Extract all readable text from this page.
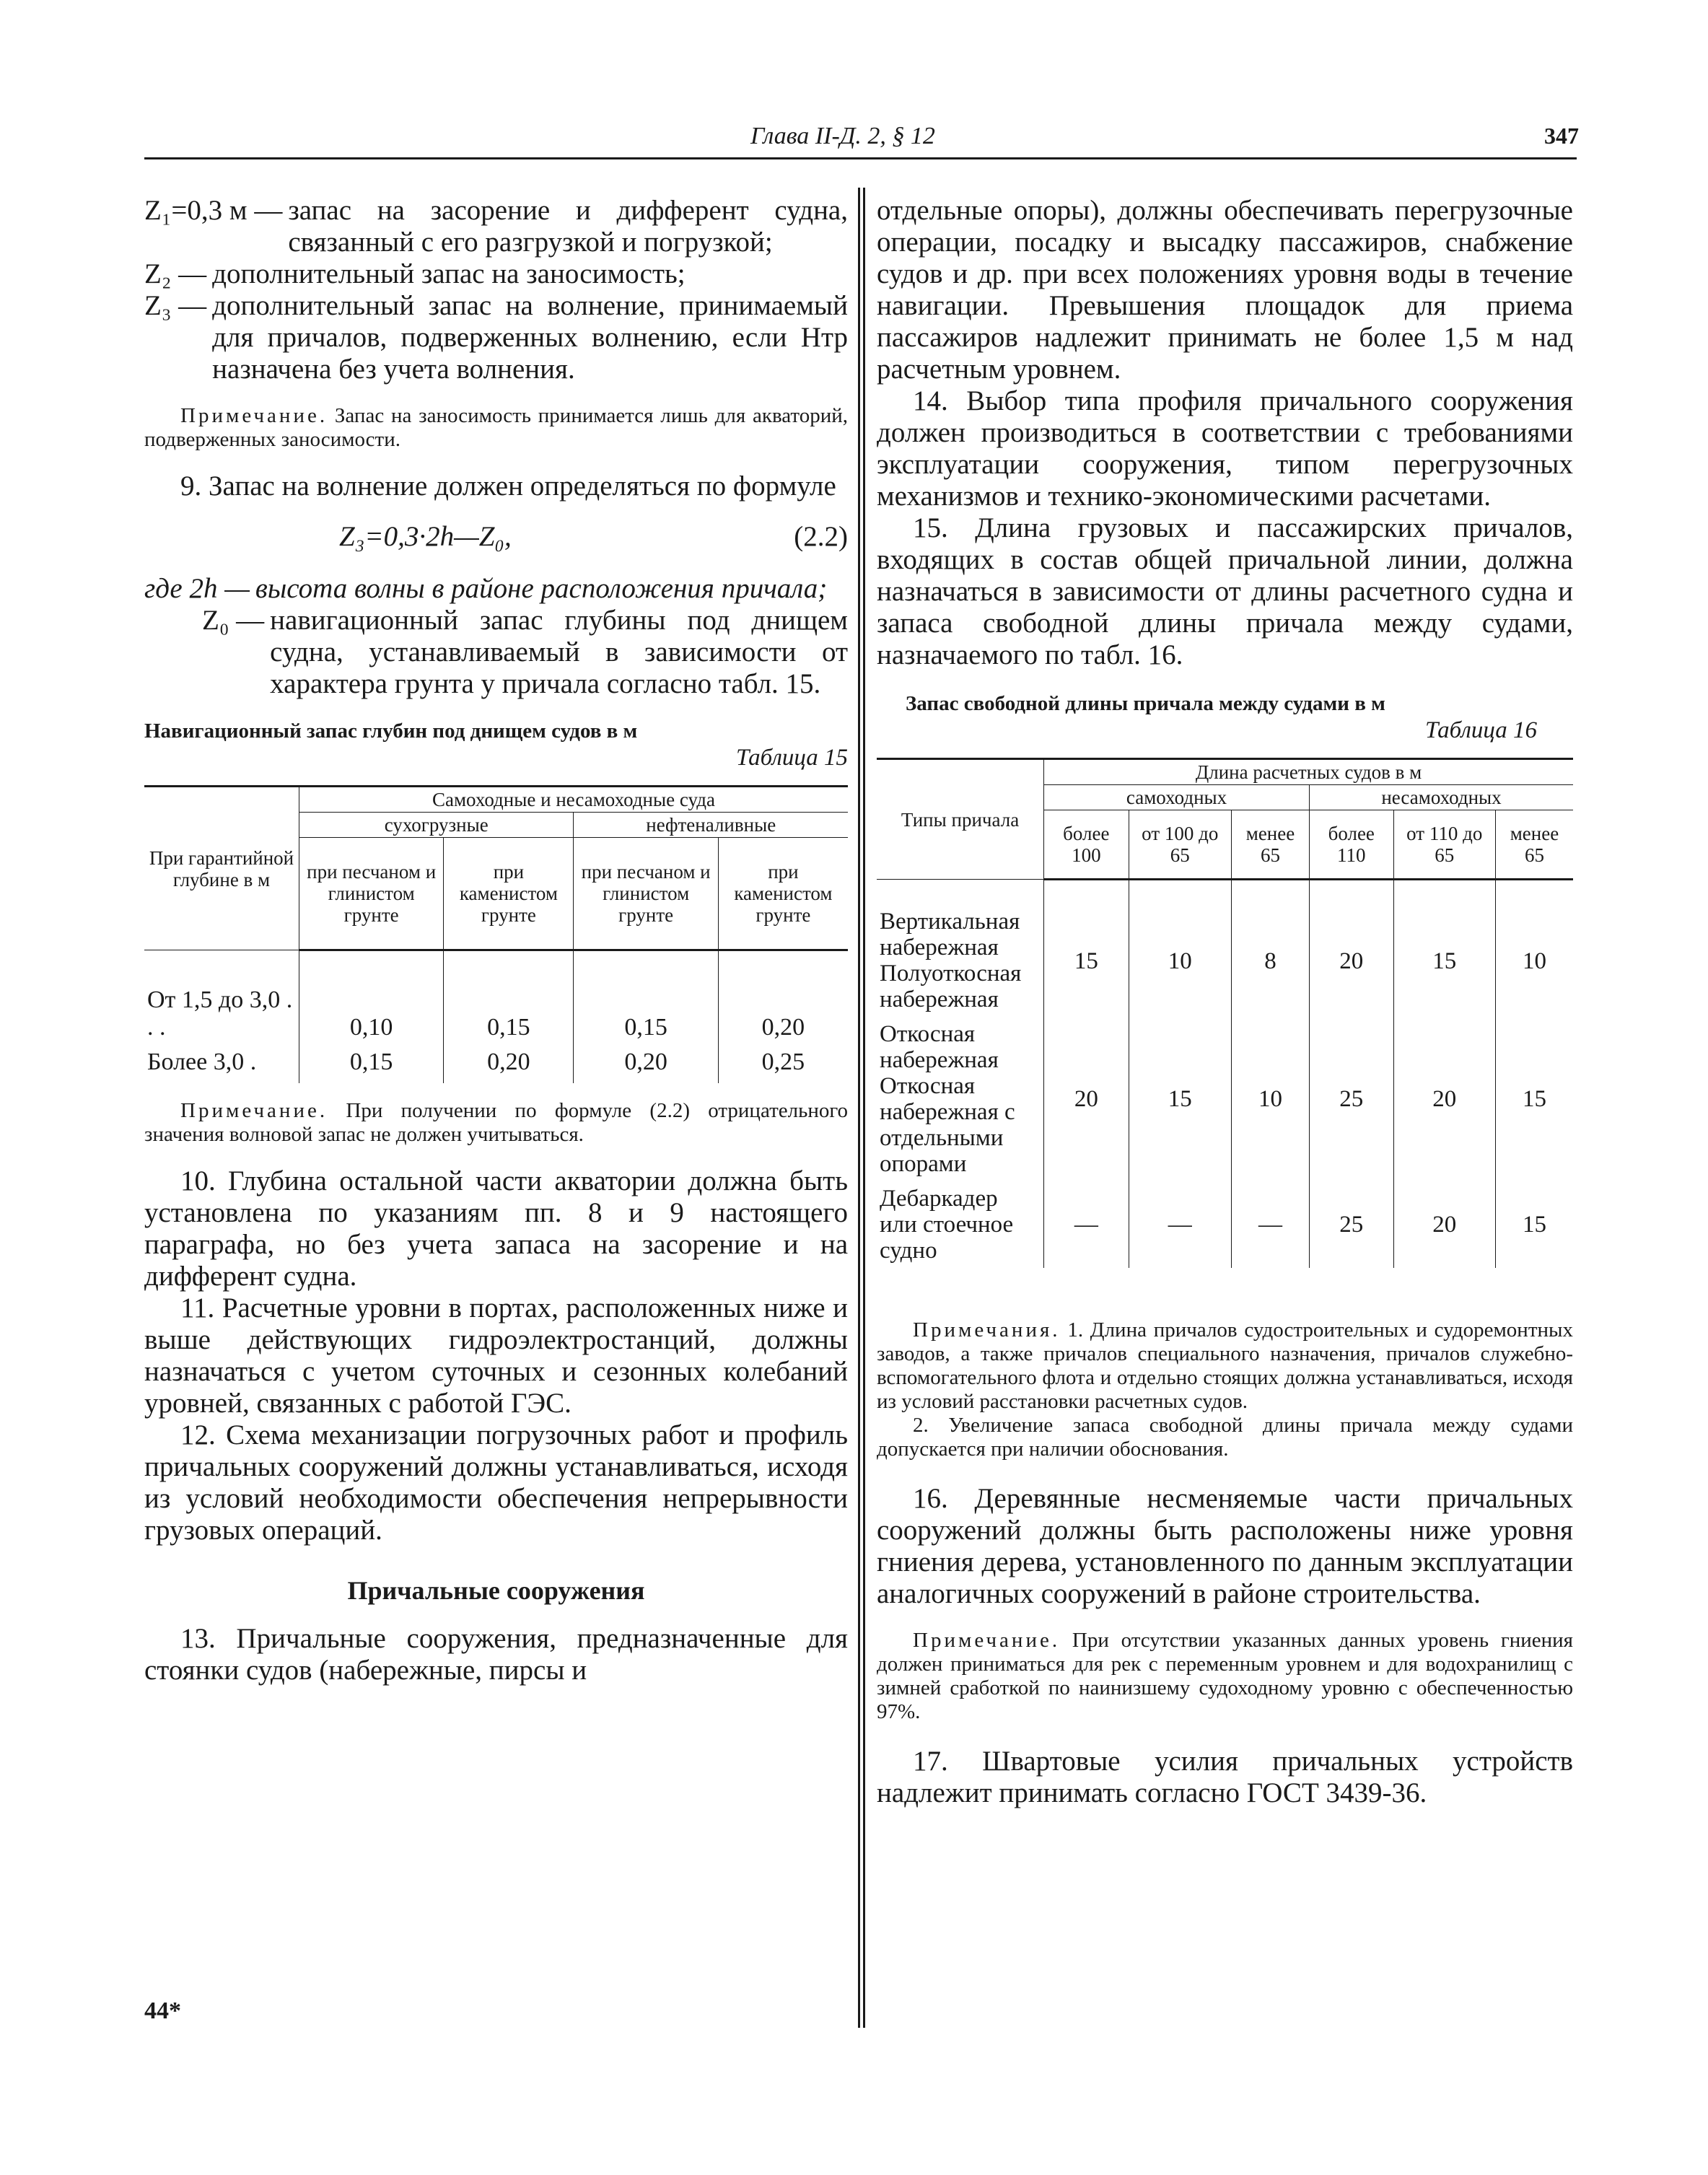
Глава II-Д. 2, § 12	347
Z₁=0,3 м — запас на засорение и дифферент судна, связанный с его разгрузкой и погрузкой;
Z₂ — дополнительный запас на заносимость;
Z₃ — дополнительный запас на волнение, принимаемый для причалов, подверженных волнению, если Hтр назначена без учета волнения.

Примечание. Запас на заносимость принимается лишь для акваторий, подверженных заносимости.

9. Запас на волнение должен определяться по формуле

Z₃=0,3·2h—Z₀,	(2.2)
где 2h — высота волны в районе расположения причала;
Z₀ — навигационный запас глубины под днищем судна, устанавливаемый в зависимости от характера грунта у причала согласно табл. 15.

Навигационный запас глубин под днищем судов в м

Таблица 15

При гарантийной глубине в м	Самоходные и несамоходные суда			
	сухогрузные		нефтеналивные	
	при песчаном и глинистом грунте	при каменистом грунте	при песчаном и глинистом грунте	при каменистом грунте
От 1,5 до 3,0 . . .	0,10	0,15	0,15	0,20
Более 3,0 .	0,15	0,20	0,20	0,25

Примечание. При получении по формуле (2.2) отрицательного значения волновой запас не должен учитываться.

10. Глубина остальной части акватории должна быть установлена по указаниям пп. 8 и 9 настоящего параграфа, но без учета запаса на засорение и на дифферент судна.

11. Расчетные уровни в портах, расположенных ниже и выше действующих гидроэлектростанций, должны назначаться с учетом суточных и сезонных колебаний уровней, связанных с работой ГЭС.

12. Схема механизации погрузочных работ и профиль причальных сооружений должны устанавливаться, исходя из условий необходимости обеспечения непрерывности грузовых операций.

Причальные сооружения

13. Причальные сооружения, предназначенные для стоянки судов (набережные, пирсы и

44*

отдельные опоры), должны обеспечивать перегрузочные операции, посадку и высадку пассажиров, снабжение судов и др. при всех положениях уровня воды в течение навигации. Превышения площадок для приема пассажиров надлежит принимать не более 1,5 м над расчетным уровнем.

14. Выбор типа профиля причального сооружения должен производиться в соответствии с требованиями эксплуатации сооружения, типом перегрузочных механизмов и технико-экономическими расчетами.

15. Длина грузовых и пассажирских причалов, входящих в состав общей причальной линии, должна назначаться в зависимости от длины расчетного судна и запаса свободной длины причала между судами, назначаемого по табл. 16.

Запас свободной длины причала между судами в м

Таблица 16

Типы причала	Длина расчетных судов в м					
	самоходных			несамоходных		
	более 100	от 100 до 65	менее 65	более 110	от 110 до 65	менее 65
Вертикальная набережная Полуоткосная набережная	15	10	8	20	15	10
Откосная набережная Откосная набережная с отдельными опорами	20	15	10	25	20	15
Дебаркадер или стоечное судно	—	—	—	25	20	15

Примечания. 1. Длина причалов судостроительных и судоремонтных заводов, а также причалов специального назначения, причалов служебно-вспомогательного флота и отдельно стоящих должна устанавливаться, исходя из условий расстановки расчетных судов.

2. Увеличение запаса свободной длины причала между судами допускается при наличии обоснования.

16. Деревянные несменяемые части причальных сооружений должны быть расположены ниже уровня гниения дерева, установленного по данным эксплуатации аналогичных сооружений в районе строительства.

Примечание. При отсутствии указанных данных уровень гниения должен приниматься для рек с переменным уровнем и для водохранилищ с зимней сработкой по наинизшему судоходному уровню с обеспеченностью 97%.

17. Швартовые усилия причальных устройств надлежит принимать согласно ГОСТ 3439-36.
